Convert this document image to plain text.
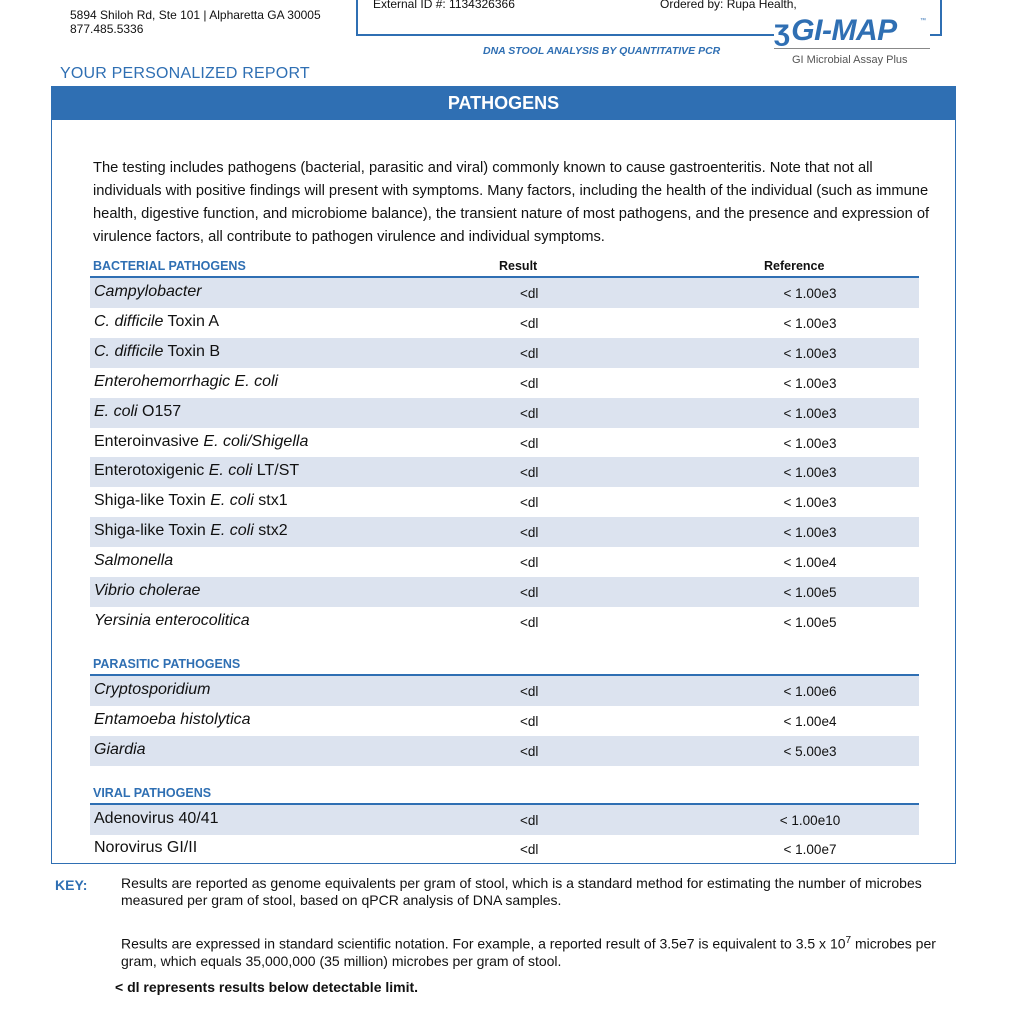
5894 Shiloh Rd, Ste 101 | Alpharetta GA 30005
877.485.5336
External ID #: 1134326366	Ordered by: Rupa Health,
DNA STOOL ANALYSIS BY QUANTITATIVE PCR
ʒGI-MAP	™
GI Microbial Assay Plus
YOUR PERSONALIZED REPORT
PATHOGENS
The testing includes pathogens (bacterial, parasitic and viral) commonly known to cause gastroenteritis. Note that not all individuals with positive findings will present with symptoms. Many factors, including the health of the individual (such as immune health, digestive function, and microbiome balance), the transient nature of most pathogens, and the presence and expression of virulence factors, all contribute to pathogen virulence and individual symptoms.
BACTERIAL PATHOGENS	Result	Reference
Campylobacter	<dl	< 1.00e3
C. difficile Toxin A	<dl	< 1.00e3
C. difficile Toxin B	<dl	< 1.00e3
Enterohemorrhagic E. coli	<dl	< 1.00e3
E. coli O157	<dl	< 1.00e3
Enteroinvasive E. coli/Shigella	<dl	< 1.00e3
Enterotoxigenic E. coli LT/ST	<dl	< 1.00e3
Shiga-like Toxin E. coli stx1	<dl	< 1.00e3
Shiga-like Toxin E. coli stx2	<dl	< 1.00e3
Salmonella	<dl	< 1.00e4
Vibrio cholerae	<dl	< 1.00e5
Yersinia enterocolitica	<dl	< 1.00e5
PARASITIC PATHOGENS
Cryptosporidium	<dl	< 1.00e6
Entamoeba histolytica	<dl	< 1.00e4
Giardia	<dl	< 5.00e3
VIRAL PATHOGENS
Adenovirus 40/41	<dl	< 1.00e10
Norovirus GI/II	<dl	< 1.00e7
KEY: Results are reported as genome equivalents per gram of stool, which is a standard method for estimating the number of microbes measured per gram of stool, based on qPCR analysis of DNA samples.
Results are expressed in standard scientific notation. For example, a reported result of 3.5e7 is equivalent to 3.5 x $10^7$ microbes per gram, which equals 35,000,000 (35 million) microbes per gram of stool.
< dl represents results below detectable limit.
